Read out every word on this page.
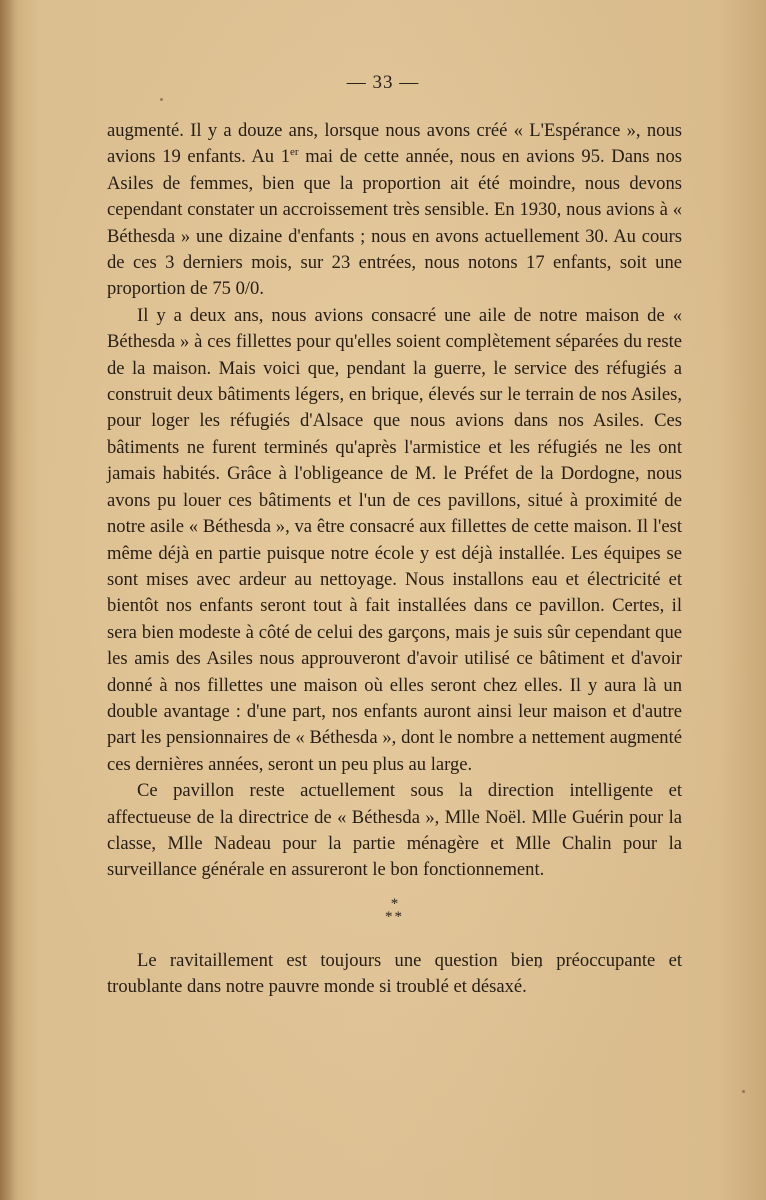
— 33 —

augmenté. Il y a douze ans, lorsque nous avons créé « L'Espérance », nous avions 19 enfants. Au 1er mai de cette année, nous en avions 95. Dans nos Asiles de femmes, bien que la proportion ait été moindre, nous devons cependant constater un accroissement très sensible. En 1930, nous avions à « Béthesda » une dizaine d'enfants ; nous en avons actuellement 30. Au cours de ces 3 derniers mois, sur 23 entrées, nous notons 17 enfants, soit une proportion de 75 0/0.

Il y a deux ans, nous avions consacré une aile de notre maison de « Béthesda » à ces fillettes pour qu'elles soient complètement séparées du reste de la maison. Mais voici que, pendant la guerre, le service des réfugiés a construit deux bâtiments légers, en brique, élevés sur le terrain de nos Asiles, pour loger les réfugiés d'Alsace que nous avions dans nos Asiles. Ces bâtiments ne furent terminés qu'après l'armistice et les réfugiés ne les ont jamais habités. Grâce à l'obligeance de M. le Préfet de la Dordogne, nous avons pu louer ces bâtiments et l'un de ces pavillons, situé à proximité de notre asile « Béthesda », va être consacré aux fillettes de cette maison. Il l'est même déjà en partie puisque notre école y est déjà installée. Les équipes se sont mises avec ardeur au nettoyage. Nous installons eau et électricité et bientôt nos enfants seront tout à fait installées dans ce pavillon. Certes, il sera bien modeste à côté de celui des garçons, mais je suis sûr cependant que les amis des Asiles nous approuveront d'avoir utilisé ce bâtiment et d'avoir donné à nos fillettes une maison où elles seront chez elles. Il y aura là un double avantage : d'une part, nos enfants auront ainsi leur maison et d'autre part les pensionnaires de « Béthesda », dont le nombre a nettement augmenté ces dernières années, seront un peu plus au large.

Ce pavillon reste actuellement sous la direction intelligente et affectueuse de la directrice de « Béthesda », Mlle Noël. Mlle Guérin pour la classe, Mlle Nadeau pour la partie ménagère et Mlle Chalin pour la surveillance générale en assureront le bon fonctionnement.

*
**

Le ravitaillement est toujours une question bien préoccupante et troublante dans notre pauvre monde si troublé et désaxé.
